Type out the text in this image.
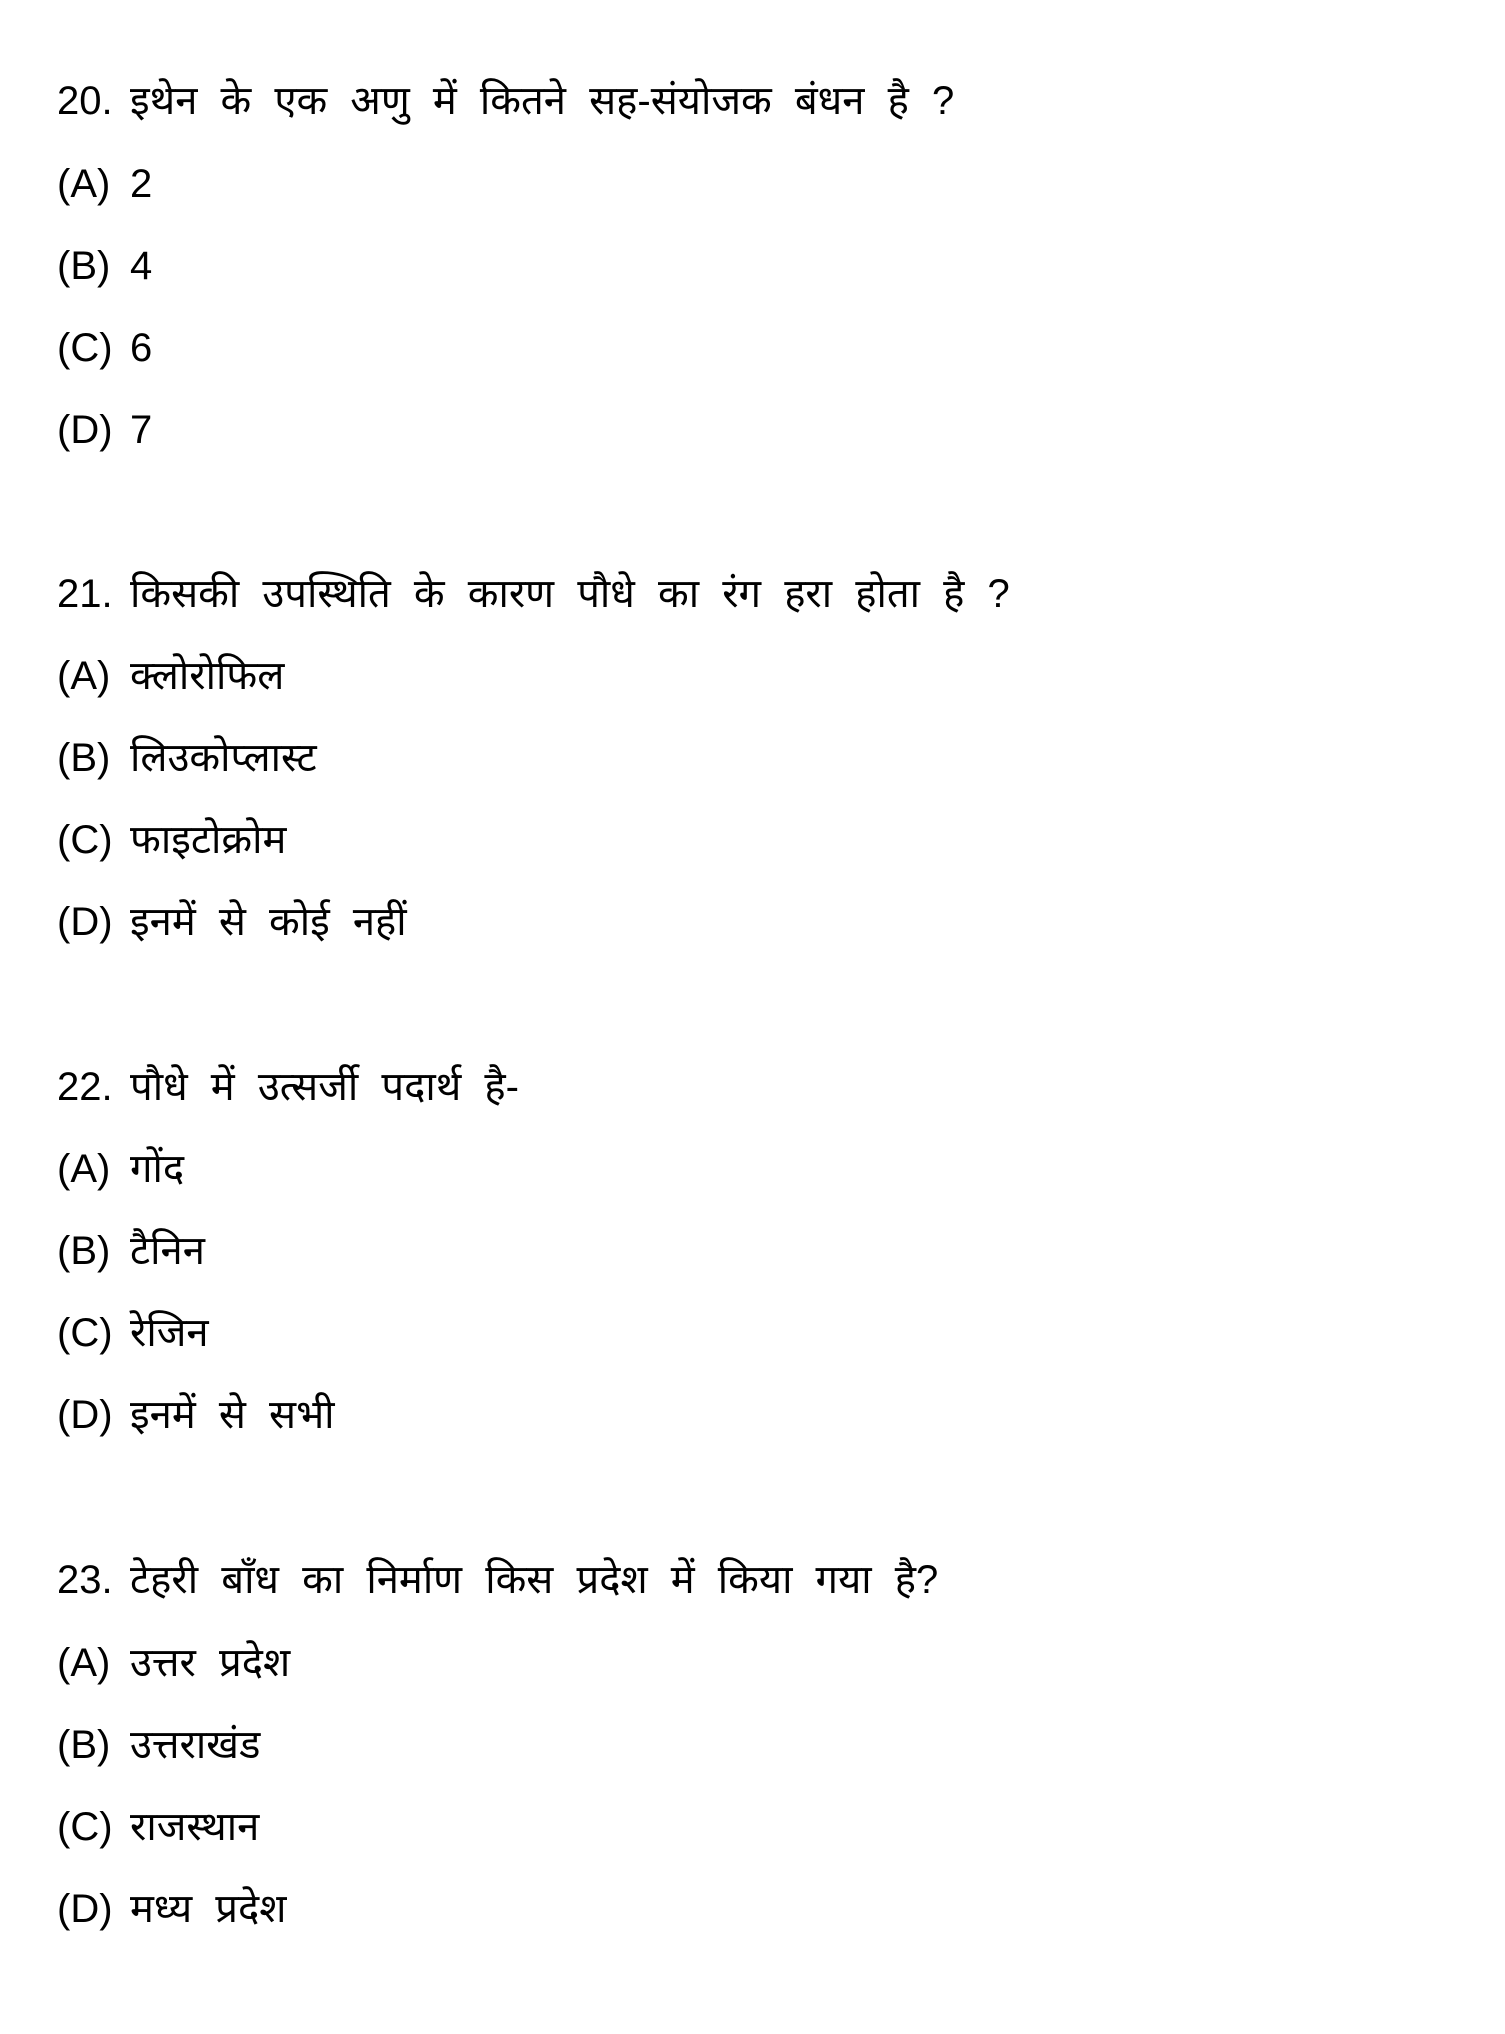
20. इथेन के एक अणु में कितने सह-संयोजक बंधन है ?
(A) 2
(B) 4
(C) 6
(D) 7
21. किसकी उपस्थिति के कारण पौधे का रंग हरा होता है ?
(A) क्लोरोफिल
(B) लिउकोप्लास्ट
(C) फाइटोक्रोम
(D) इनमें से कोई नहीं
22. पौधे में उत्सर्जी पदार्थ है-
(A) गोंद
(B) टैनिन
(C) रेजिन
(D) इनमें से सभी
23. टेहरी बाँध का निर्माण किस प्रदेश में किया गया है?
(A) उत्तर प्रदेश
(B) उत्तराखंड
(C) राजस्थान
(D) मध्य प्रदेश
